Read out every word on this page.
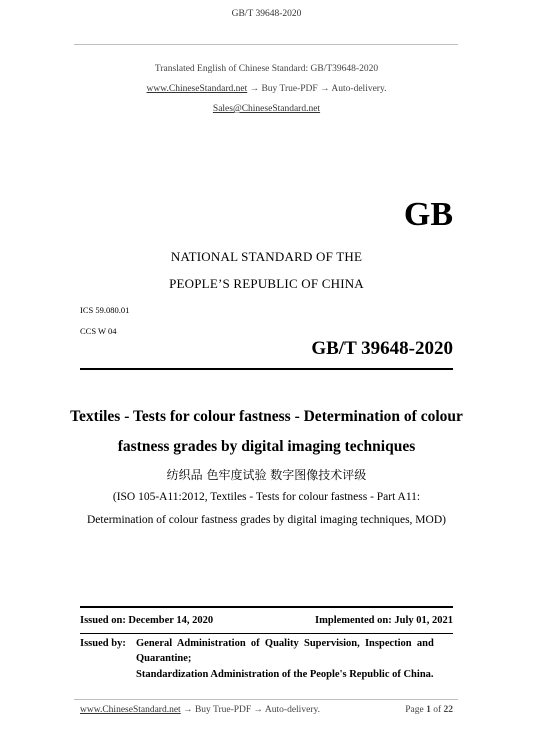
GB/T 39648-2020
Translated English of Chinese Standard: GB/T39648-2020
www.ChineseStandard.net → Buy True-PDF → Auto-delivery.
Sales@ChineseStandard.net
GB
NATIONAL STANDARD OF THE
PEOPLE’S REPUBLIC OF CHINA
ICS 59.080.01
CCS W 04
GB/T 39648-2020
Textiles - Tests for colour fastness - Determination of colour
fastness grades by digital imaging techniques
纺织品 色牢度试验 数字图像技术评级
(ISO 105-A11:2012, Textiles - Tests for colour fastness - Part A11:
Determination of colour fastness grades by digital imaging techniques, MOD)
Issued on: December 14, 2020	Implemented on: July 01, 2021
Issued by: General  Administration  of  Quality  Supervision,  Inspection  and
Quarantine;
Standardization Administration of the People's Republic of China.
www.ChineseStandard.net → Buy True-PDF → Auto-delivery.	Page 1 of 22
